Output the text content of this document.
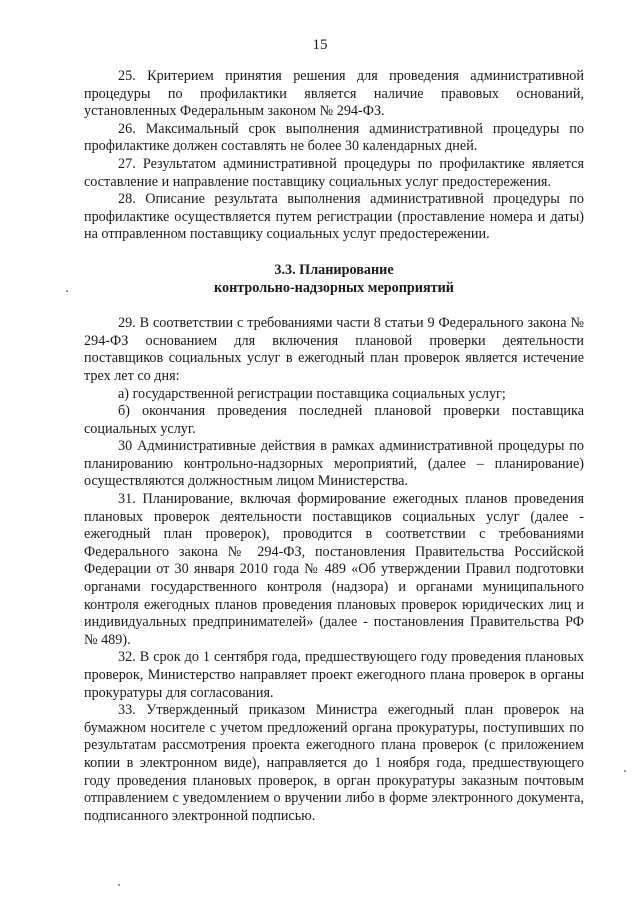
15

25. Критерием принятия решения для проведения административной процедуры по профилактики является наличие правовых оснований, установленных Федеральным законом № 294-ФЗ.

26. Максимальный срок выполнения административной процедуры по профилактике должен составлять не более 30 календарных дней.

27. Результатом административной процедуры по профилактике является составление и направление поставщику социальных услуг предостережения.

28. Описание результата выполнения административной процедуры по профилактике осуществляется путем регистрации (проставление номера и даты) на отправленном поставщику социальных услуг предостережении.

3.3. Планирование
контрольно-надзорных мероприятий

29. В соответствии с требованиями части 8 статьи 9 Федерального закона № 294-ФЗ основанием для включения плановой проверки деятельности поставщиков социальных услуг в ежегодный план проверок является истечение трех лет со дня:

а) государственной регистрации поставщика социальных услуг;

б) окончания проведения последней плановой проверки поставщика социальных услуг.

30 Административные действия в рамках административной процедуры по планированию контрольно-надзорных мероприятий, (далее – планирование) осуществляются должностным лицом Министерства.

31. Планирование, включая формирование ежегодных планов проведения плановых проверок деятельности поставщиков социальных услуг (далее - ежегодный план проверок), проводится в соответствии с требованиями Федерального закона № 294-ФЗ, постановления Правительства Российской Федерации от 30 января 2010 года № 489 «Об утверждении Правил подготовки органами государственного контроля (надзора) и органами муниципального контроля ежегодных планов проведения плановых проверок юридических лиц и индивидуальных предпринимателей» (далее - постановления Правительства РФ № 489).

32. В срок до 1 сентября года, предшествующего году проведения плановых проверок, Министерство направляет проект ежегодного плана проверок в органы прокуратуры для согласования.

33. Утвержденный приказом Министра ежегодный план проверок на бумажном носителе с учетом предложений органа прокуратуры, поступивших по результатам рассмотрения проекта ежегодного плана проверок (с приложением копии в электронном виде), направляется до 1 ноября года, предшествующего году проведения плановых проверок, в орган прокуратуры заказным почтовым отправлением с уведомлением о вручении либо в форме электронного документа, подписанного электронной подписью.
